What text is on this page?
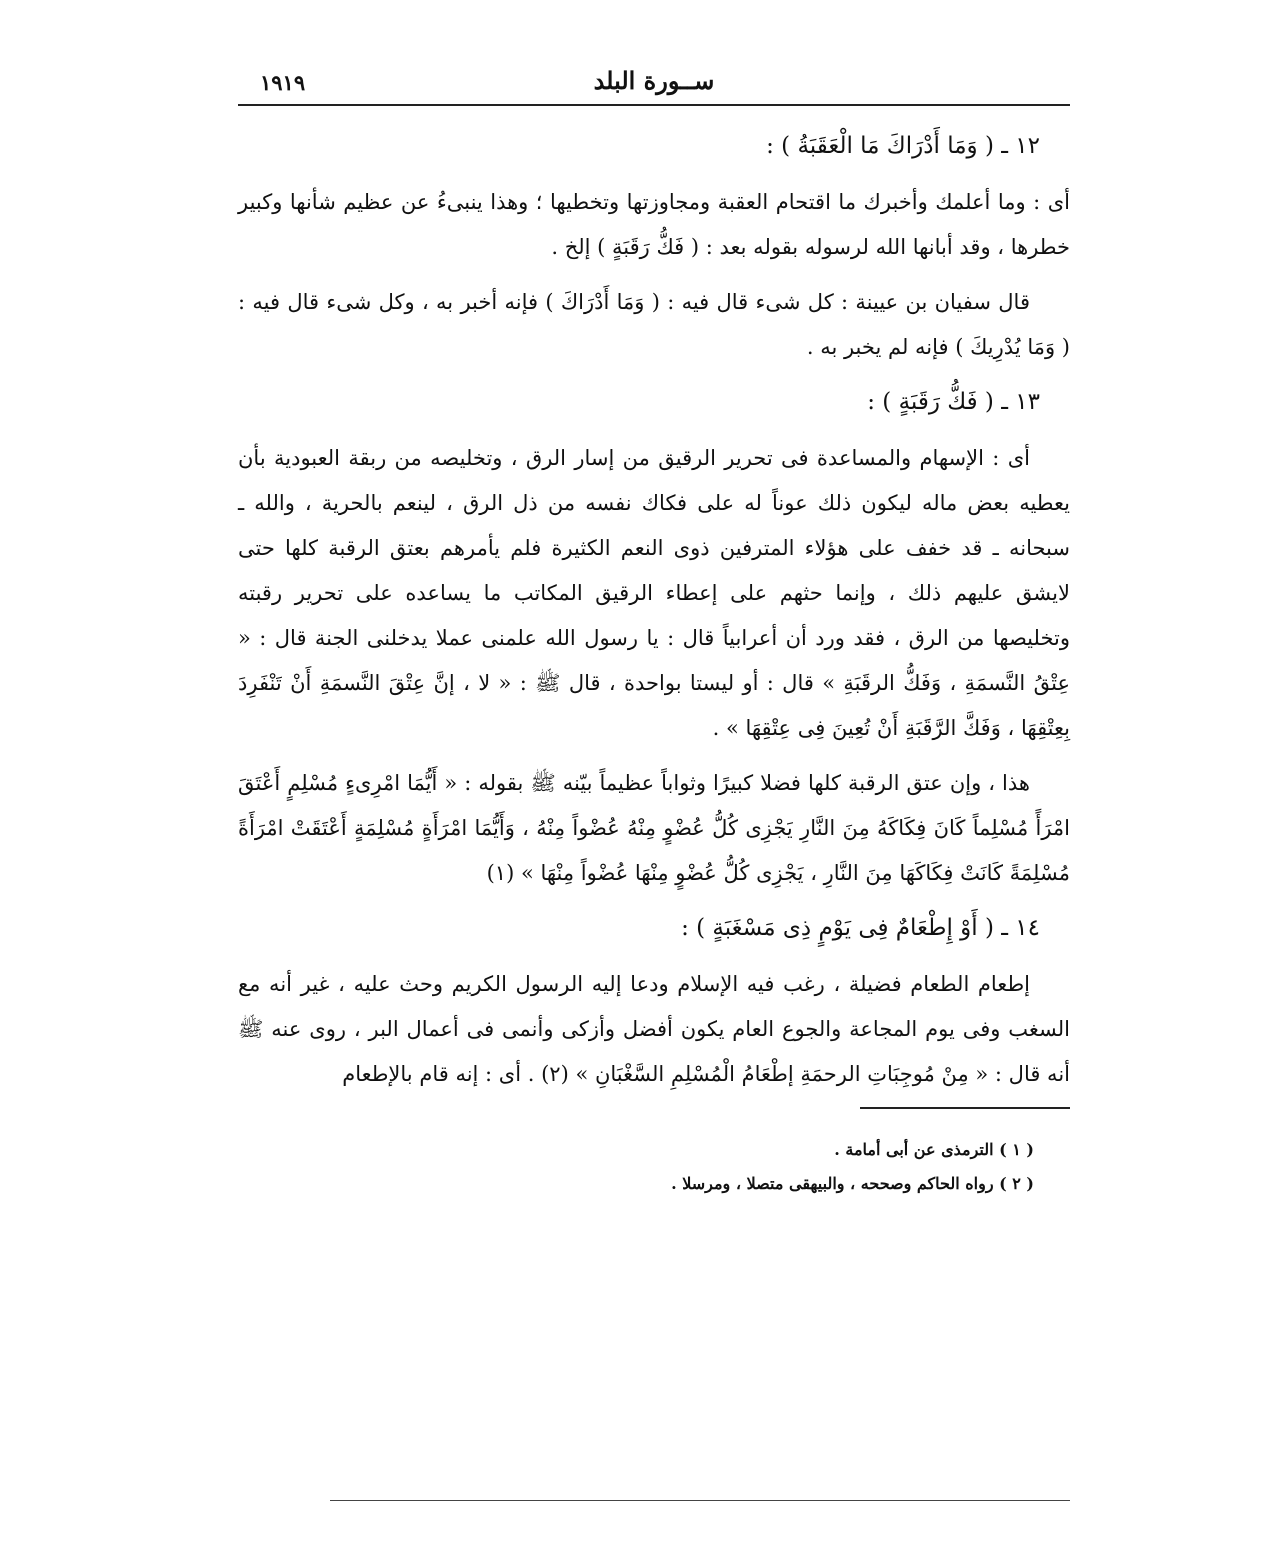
ســورة البلد
١٩١٩
١٢ ـ ( وَمَا أَدْرَاكَ مَا الْعَقَبَةُ ) :

أى : وما أعلمك وأخبرك ما اقتحام العقبة ومجاوزتها وتخطيها ؛ وهذا ينبىءُ عن عظيم شأنها وكبير خطرها ، وقد أبانها الله لرسوله بقوله بعد : ( فَكُّ رَقَبَةٍ ) إلخ .

قال سفيان بن عيينة : كل شىء قال فيه : ( وَمَا أَدْرَاكَ ) فإنه أخبر به ، وكل شىء قال فيه : ( وَمَا يُدْرِيكَ ) فإنه لم يخبر به .

١٣ ـ ( فَكُّ رَقَبَةٍ ) :

أى : الإسهام والمساعدة فى تحرير الرقيق من إسار الرق ، وتخليصه من ربقة العبودية بأن يعطيه بعض ماله ليكون ذلك عوناً له على فكاك نفسه من ذل الرق ، لينعم بالحرية ، والله ـ سبحانه ـ قد خفف على هؤلاء المترفين ذوى النعم الكثيرة فلم يأمرهم بعتق الرقبة كلها حتى لايشق عليهم ذلك ، وإنما حثهم على إعطاء الرقيق المكاتب ما يساعده على تحرير رقبته وتخليصها من الرق ، فقد ورد أن أعرابياً قال : يا رسول الله علمنى عملا يدخلنى الجنة قال : « عِتْقُ النَّسمَةِ ، وَفَكُّ الرقَبَةِ » قال : أو ليستا بواحدة ، قال ﷺ : « لا ، إنَّ عِتْقَ النَّسمَةِ أَنْ تَنْفَرِدَ بِعِتْقِهَا ، وَفَكَّ الرَّقَبَةِ أَنْ تُعِينَ فِى عِتْقِهَا » .

هذا ، وإن عتق الرقبة كلها فضلا كبيرًا وثواباً عظيماً بيّنه ﷺ بقوله : « أَيُّمَا امْرِىءٍ مُسْلِمٍ أَعْتَقَ امْرَأً مُسْلِماً كَانَ فِكَاكَهُ مِنَ النَّارِ يَجْزِى كُلُّ عُضْوٍ مِنْهُ عُضْواً مِنْهُ ، وَأَيُّمَا امْرَأَةٍ مُسْلِمَةٍ أَعْتَقَتْ امْرَأَةً مُسْلِمَةً كَانَتْ فِكَاكَهَا مِنَ النَّارِ ، يَجْزِى كُلُّ عُضْوٍ مِنْهَا عُضْواً مِنْهَا » (١)

١٤ ـ ( أَوْ إِطْعَامٌ فِى يَوْمٍ ذِى مَسْغَبَةٍ ) :

إطعام الطعام فضيلة ، رغب فيه الإسلام ودعا إليه الرسول الكريم وحث عليه ، غير أنه مع السغب وفى يوم المجاعة والجوع العام يكون أفضل وأزكى وأنمى فى أعمال البر ، روى عنه ﷺ أنه قال : « مِنْ مُوجِبَاتِ الرحمَةِ إطْعَامُ الْمُسْلِمِ السَّغْبَانِ » (٢) . أى : إنه قام بالإطعام

( ١ ) الترمذى عن أبى أمامة .
( ٢ ) رواه الحاكم وصححه ، والبيهقى متصلا ، ومرسلا .
